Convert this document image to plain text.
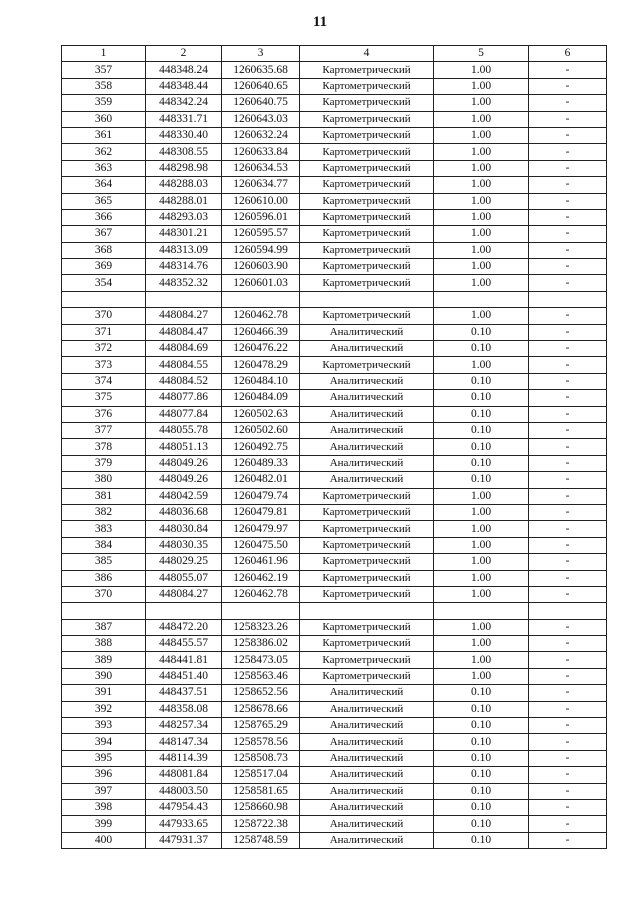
11
1	2	3	4	5	6
357	448348.24	1260635.68	Картометрический	1.00	-
358	448348.44	1260640.65	Картометрический	1.00	-
359	448342.24	1260640.75	Картометрический	1.00	-
360	448331.71	1260643.03	Картометрический	1.00	-
361	448330.40	1260632.24	Картометрический	1.00	-
362	448308.55	1260633.84	Картометрический	1.00	-
363	448298.98	1260634.53	Картометрический	1.00	-
364	448288.03	1260634.77	Картометрический	1.00	-
365	448288.01	1260610.00	Картометрический	1.00	-
366	448293.03	1260596.01	Картометрический	1.00	-
367	448301.21	1260595.57	Картометрический	1.00	-
368	448313.09	1260594.99	Картометрический	1.00	-
369	448314.76	1260603.90	Картометрический	1.00	-
354	448352.32	1260601.03	Картометрический	1.00	-

370	448084.27	1260462.78	Картометрический	1.00	-
371	448084.47	1260466.39	Аналитический	0.10	-
372	448084.69	1260476.22	Аналитический	0.10	-
373	448084.55	1260478.29	Картометрический	1.00	-
374	448084.52	1260484.10	Аналитический	0.10	-
375	448077.86	1260484.09	Аналитический	0.10	-
376	448077.84	1260502.63	Аналитический	0.10	-
377	448055.78	1260502.60	Аналитический	0.10	-
378	448051.13	1260492.75	Аналитический	0.10	-
379	448049.26	1260489.33	Аналитический	0.10	-
380	448049.26	1260482.01	Аналитический	0.10	-
381	448042.59	1260479.74	Картометрический	1.00	-
382	448036.68	1260479.81	Картометрический	1.00	-
383	448030.84	1260479.97	Картометрический	1.00	-
384	448030.35	1260475.50	Картометрический	1.00	-
385	448029.25	1260461.96	Картометрический	1.00	-
386	448055.07	1260462.19	Картометрический	1.00	-
370	448084.27	1260462.78	Картометрический	1.00	-

387	448472.20	1258323.26	Картометрический	1.00	-
388	448455.57	1258386.02	Картометрический	1.00	-
389	448441.81	1258473.05	Картометрический	1.00	-
390	448451.40	1258563.46	Картометрический	1.00	-
391	448437.51	1258652.56	Аналитический	0.10	-
392	448358.08	1258678.66	Аналитический	0.10	-
393	448257.34	1258765.29	Аналитический	0.10	-
394	448147.34	1258578.56	Аналитический	0.10	-
395	448114.39	1258508.73	Аналитический	0.10	-
396	448081.84	1258517.04	Аналитический	0.10	-
397	448003.50	1258581.65	Аналитический	0.10	-
398	447954.43	1258660.98	Аналитический	0.10	-
399	447933.65	1258722.38	Аналитический	0.10	-
400	447931.37	1258748.59	Аналитический	0.10	-
